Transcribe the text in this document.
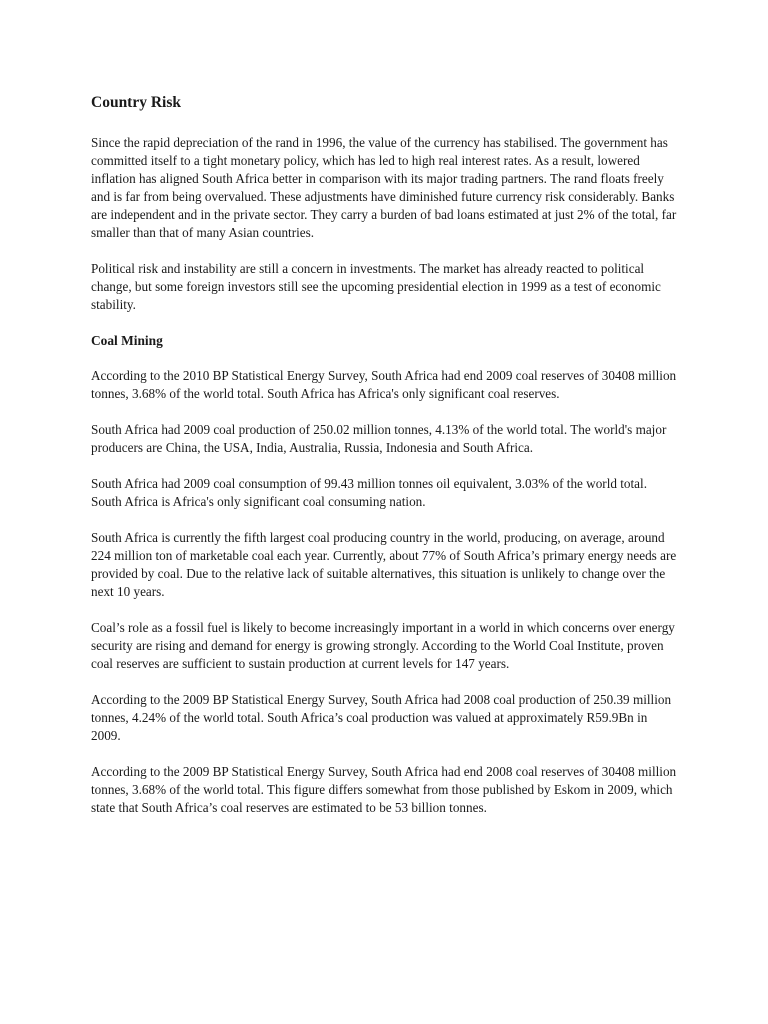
Country Risk

Since the rapid depreciation of the rand in 1996, the value of the currency has stabilised. The government has committed itself to a tight monetary policy, which has led to high real interest rates. As a result, lowered inflation has aligned South Africa better in comparison with its major trading partners. The rand floats freely and is far from being overvalued. These adjustments have diminished future currency risk considerably. Banks are independent and in the private sector. They carry a burden of bad loans estimated at just 2% of the total, far smaller than that of many Asian countries.

Political risk and instability are still a concern in investments. The market has already reacted to political change, but some foreign investors still see the upcoming presidential election in 1999 as a test of economic stability.

Coal Mining

According to the 2010 BP Statistical Energy Survey, South Africa had end 2009 coal reserves of 30408 million tonnes, 3.68% of the world total. South Africa has Africa's only significant coal reserves.

South Africa had 2009 coal production of 250.02 million tonnes, 4.13% of the world total. The world's major producers are China, the USA, India, Australia, Russia, Indonesia and South Africa.

South Africa had 2009 coal consumption of 99.43 million tonnes oil equivalent, 3.03% of the world total. South Africa is Africa's only significant coal consuming nation.

South Africa is currently the fifth largest coal producing country in the world, producing, on average, around 224 million ton of marketable coal each year. Currently, about 77% of South Africa’s primary energy needs are provided by coal. Due to the relative lack of suitable alternatives, this situation is unlikely to change over the next 10 years.

Coal’s role as a fossil fuel is likely to become increasingly important in a world in which concerns over energy security are rising and demand for energy is growing strongly. According to the World Coal Institute, proven coal reserves are sufficient to sustain production at current levels for 147 years.

According to the 2009 BP Statistical Energy Survey, South Africa had 2008 coal production of 250.39 million tonnes, 4.24% of the world total. South Africa’s coal production was valued at approximately R59.9Bn in 2009.

According to the 2009 BP Statistical Energy Survey, South Africa had end 2008 coal reserves of 30408 million tonnes, 3.68% of the world total. This figure differs somewhat from those published by Eskom in 2009, which state that South Africa’s coal reserves are estimated to be 53 billion tonnes.
